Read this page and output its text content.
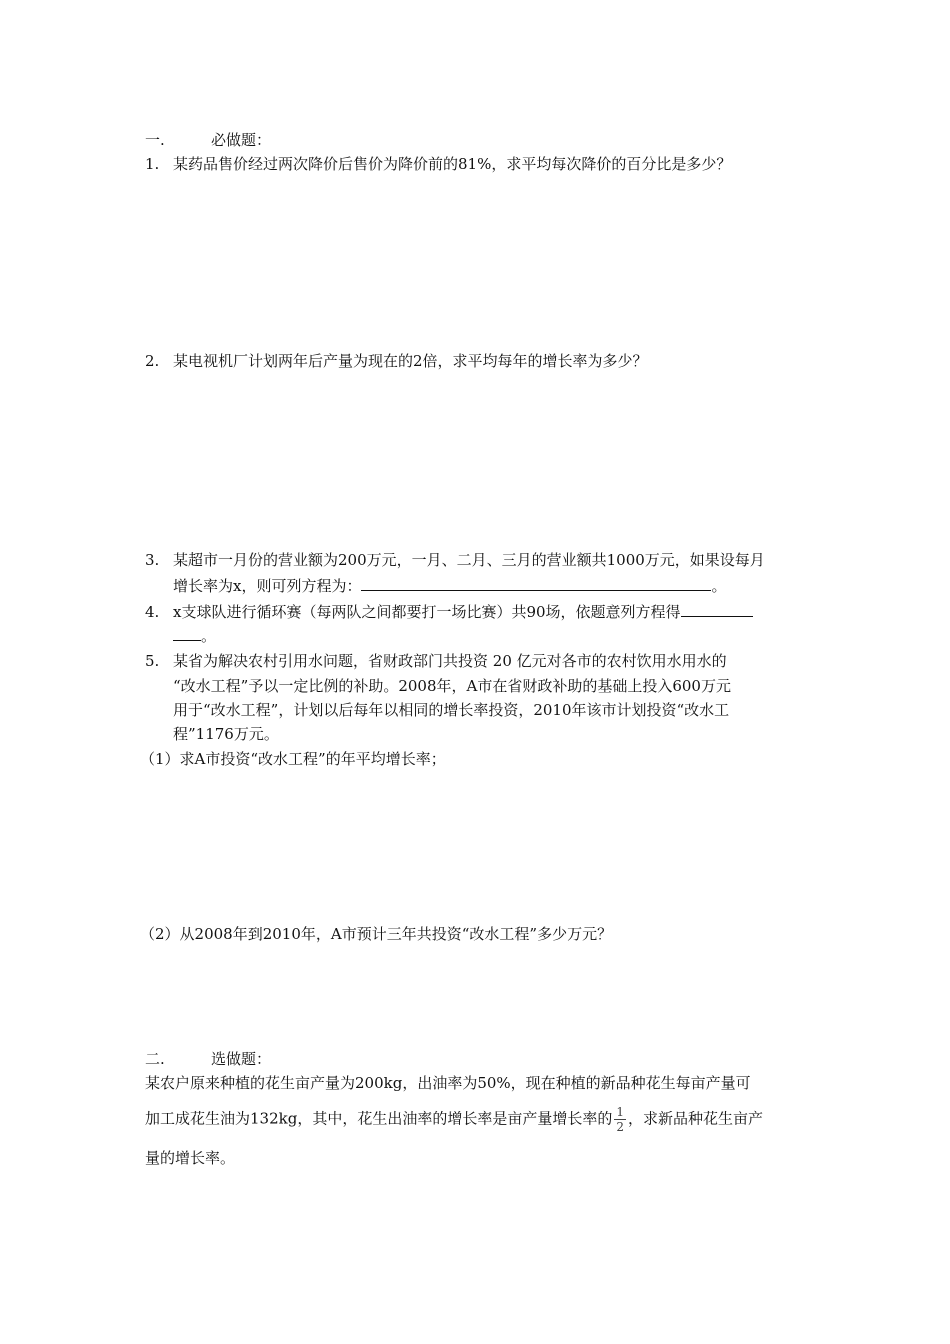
一.	必做题：
1. 某药品售价经过两次降价后售价为降价前的81%，求平均每次降价的百分比是多少？
2. 某电视机厂计划两年后产量为现在的2倍，求平均每年的增长率为多少？
3. 某超市一月份的营业额为200万元，一月、二月、三月的营业额共1000万元，如果设每月
增长率为x，则可列方程为：	。
4. x支球队进行循环赛（每两队之间都要打一场比赛）共90场，依题意列方程得
。
5. 某省为解决农村引用水问题，省财政部门共投资 20 亿元对各市的农村饮用水用水的
“改水工程”予以一定比例的补助。2008年，A市在省财政补助的基础上投入600万元
用于“改水工程”，计划以后每年以相同的增长率投资，2010年该市计划投资“改水工
程”1176万元。
（1）求A市投资“改水工程”的年平均增长率；
（2）从2008年到2010年，A市预计三年共投资“改水工程”多少万元？
二.	选做题：
某农户原来种植的花生亩产量为200kg，出油率为50%，现在种植的新品种花生每亩产量可
加工成花生油为132kg，其中，花生出油率的增长率是亩产量增长率的 $\frac{1}{2}$ ，求新品种花生亩产
量的增长率。
